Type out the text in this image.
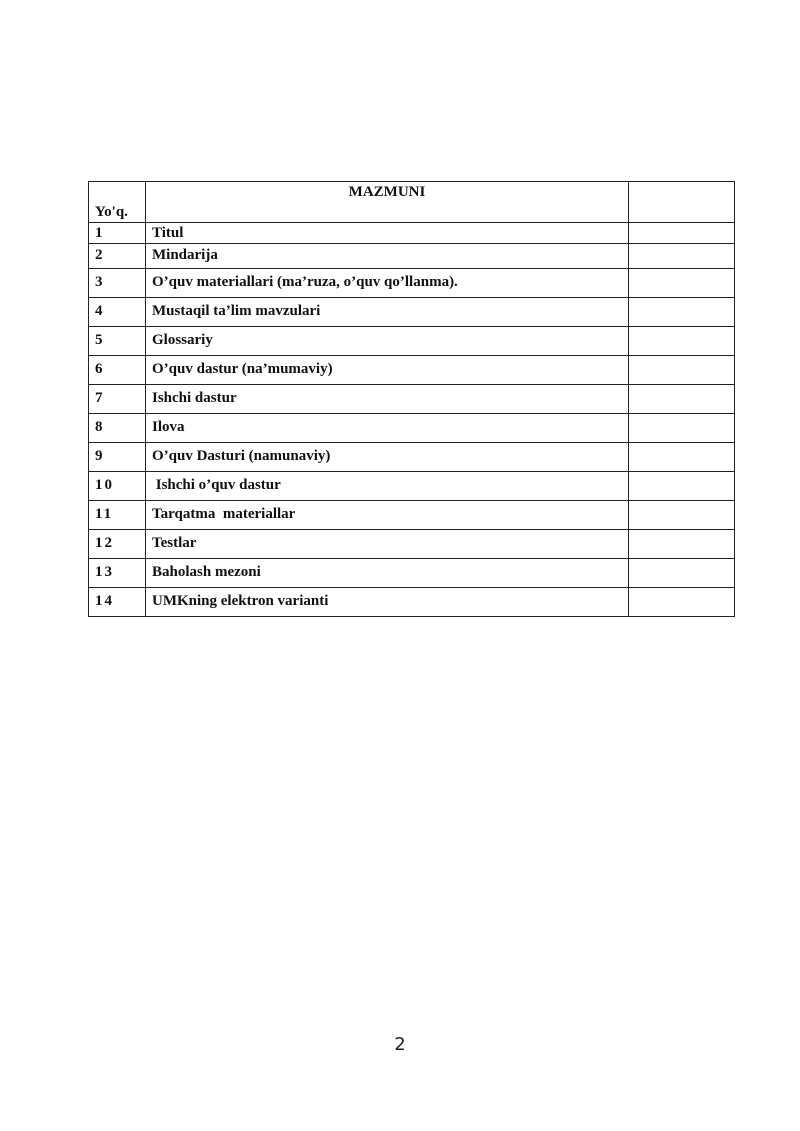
Yo'q.	MAZMUNI	
1	Titul	
2	Mindarija	
3	O’quv materiallari (ma’ruza, o’quv qo’llanma).	
4	Mustaqil ta’lim mavzulari	
5	Glossariy	
6	O’quv dastur (na’mumaviy)	
7	Ishchi dastur	
8	Ilova	
9	O’quv Dasturi (namunaviy)	
10	Ishchi o’quv dastur	
11	Tarqatma  materiallar	
12	Testlar	
13	Baholash mezoni	
14	UMKning elektron varianti	
2
